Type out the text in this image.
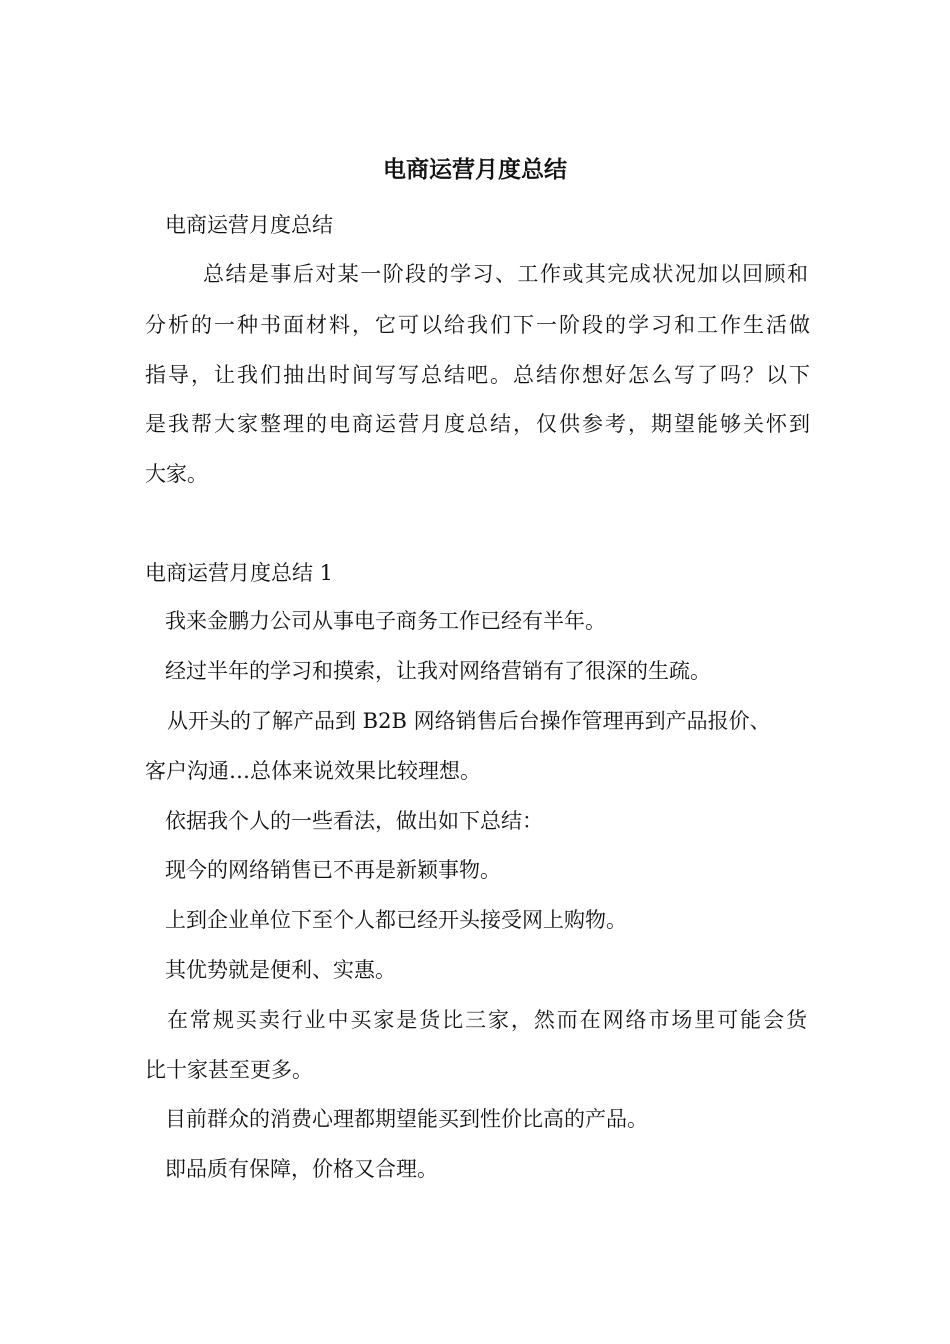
电商运营月度总结
电商运营月度总结
总结是事后对某一阶段的学习、工作或其完成状况加以回顾和
分析的一种书面材料，它可以给我们下一阶段的学习和工作生活做
指导，让我们抽出时间写写总结吧。总结你想好怎么写了吗？以下
是我帮大家整理的电商运营月度总结，仅供参考，期望能够关怀到
大家。
电商运营月度总结 1
我来金鹏力公司从事电子商务工作已经有半年。
经过半年的学习和摸索，让我对网络营销有了很深的生疏。
从开头的了解产品到 B2B 网络销售后台操作管理再到产品报价、
客户沟通…总体来说效果比较理想。
依据我个人的一些看法，做出如下总结：
现今的网络销售已不再是新颖事物。
上到企业单位下至个人都已经开头接受网上购物。
其优势就是便利、实惠。
在常规买卖行业中买家是货比三家，然而在网络市场里可能会货
比十家甚至更多。
目前群众的消费心理都期望能买到性价比高的产品。
即品质有保障，价格又合理。
